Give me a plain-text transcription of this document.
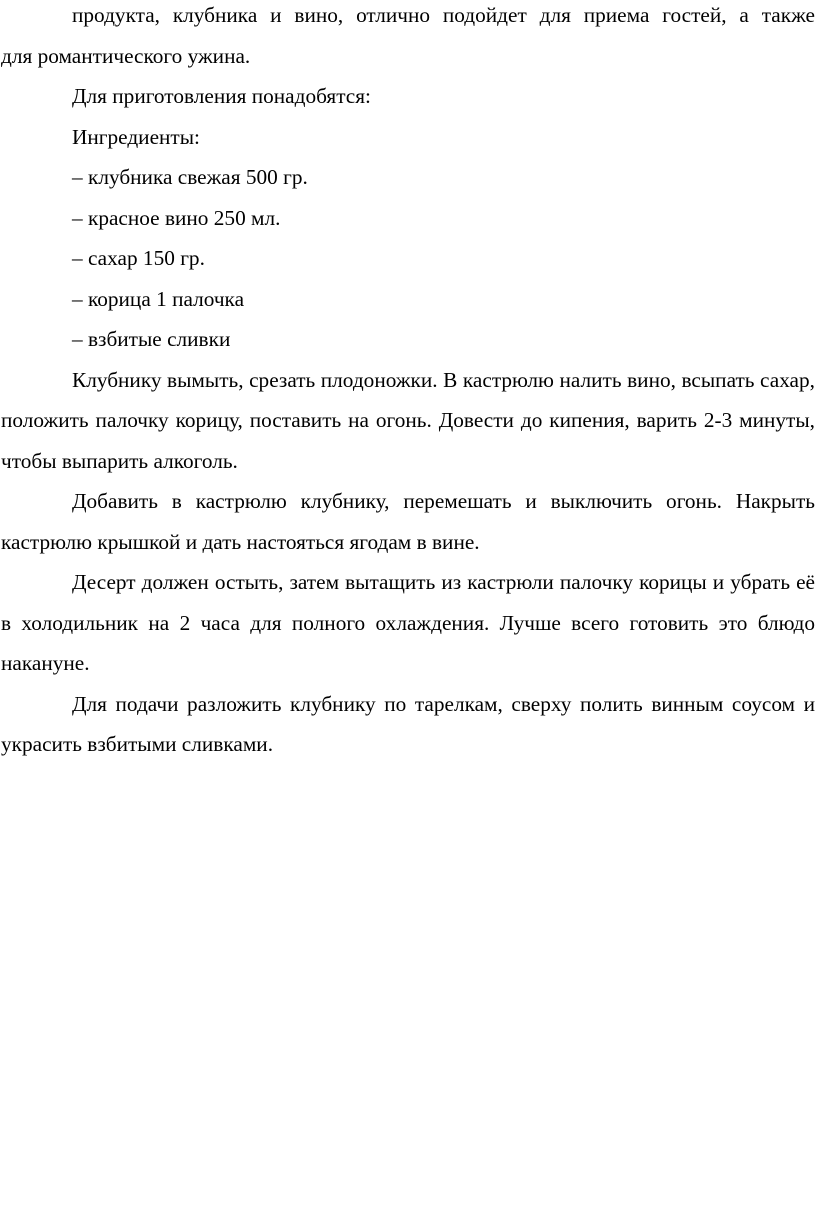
продукта, клубника и вино, отлично подойдет для приема гостей, а также

для романтического ужина.

Для приготовления понадобятся:

Ингредиенты:

– клубника свежая 500 гр.

– красное вино 250 мл.

– сахар 150 гр.

– корица 1 палочка

– взбитые сливки

Клубнику вымыть, срезать плодоножки. В кастрюлю налить вино, всыпать сахар, положить палочку корицу, поставить на огонь. Довести до кипения, варить 2-3 минуты, чтобы выпарить алкоголь.

Добавить в кастрюлю клубнику, перемешать и выключить огонь. Накрыть кастрюлю крышкой и дать настояться ягодам в вине.

Десерт должен остыть, затем вытащить из кастрюли палочку корицы и убрать её в холодильник на 2 часа для полного охлаждения. Лучше всего готовить это блюдо накануне.

Для подачи разложить клубнику по тарелкам, сверху полить винным соусом и украсить взбитыми сливками.
